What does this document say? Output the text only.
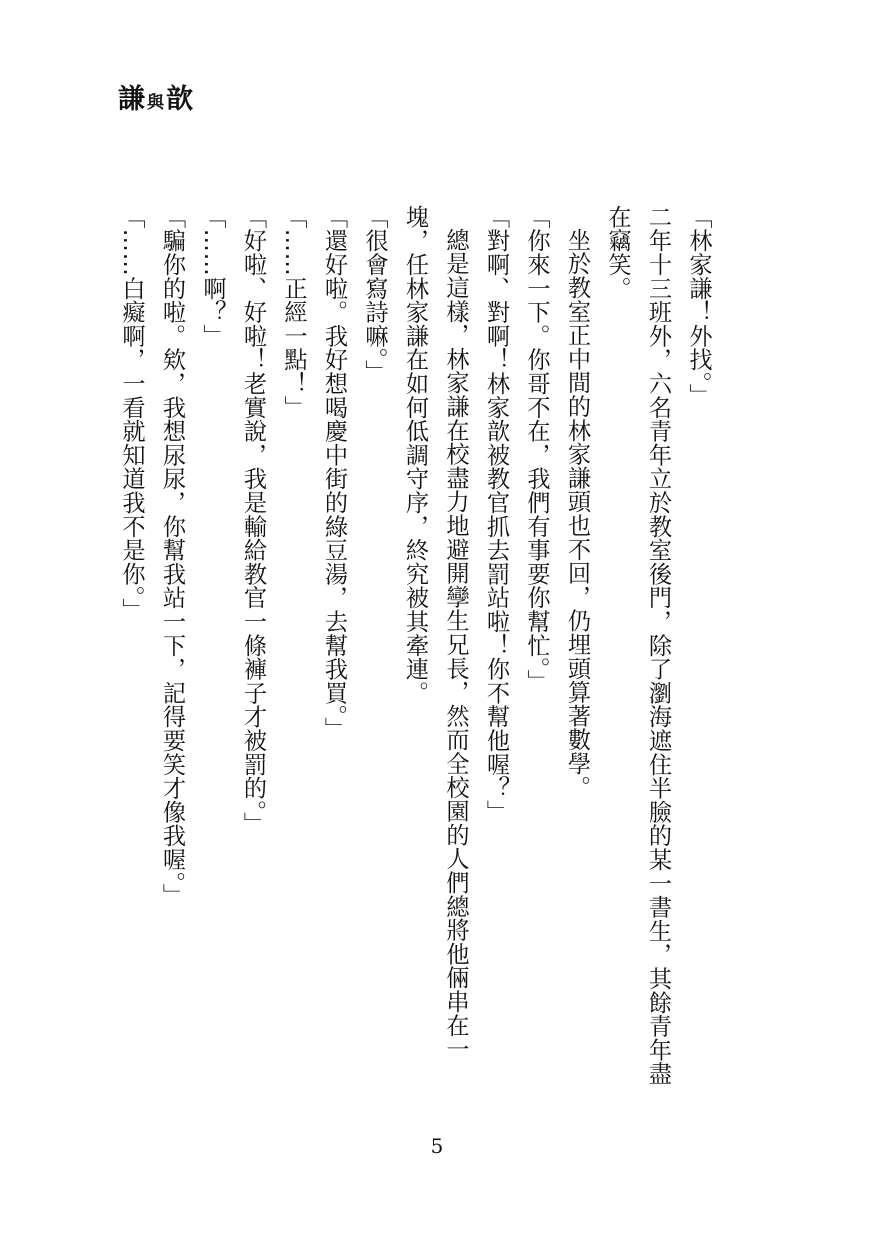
謙與歆

「林家謙！外找。」

二年十三班外，六名青年立於教室後門，除了瀏海遮住半臉的某一書生，其餘青年盡在竊笑。

坐於教室正中間的林家謙頭也不回，仍埋頭算著數學。

「你來一下。你哥不在，我們有事要你幫忙。」

「對啊、對啊！林家歆被教官抓去罰站啦！你不幫他喔？」

總是這樣，林家謙在校盡力地避開孿生兄長，然而全校園的人們總將他倆串在一塊，任林家謙在如何低調守序，終究被其牽連。

「很會寫詩嘛。」

「還好啦。我好想喝慶中街的綠豆湯，去幫我買。」

「……正經一點！」

「好啦、好啦！老實說，我是輸給教官一條褲子才被罰的。」

「……啊？」

「騙你的啦。欸，我想尿尿，你幫我站一下，記得要笑才像我喔。」

「……白癡啊，一看就知道我不是你。」

5
